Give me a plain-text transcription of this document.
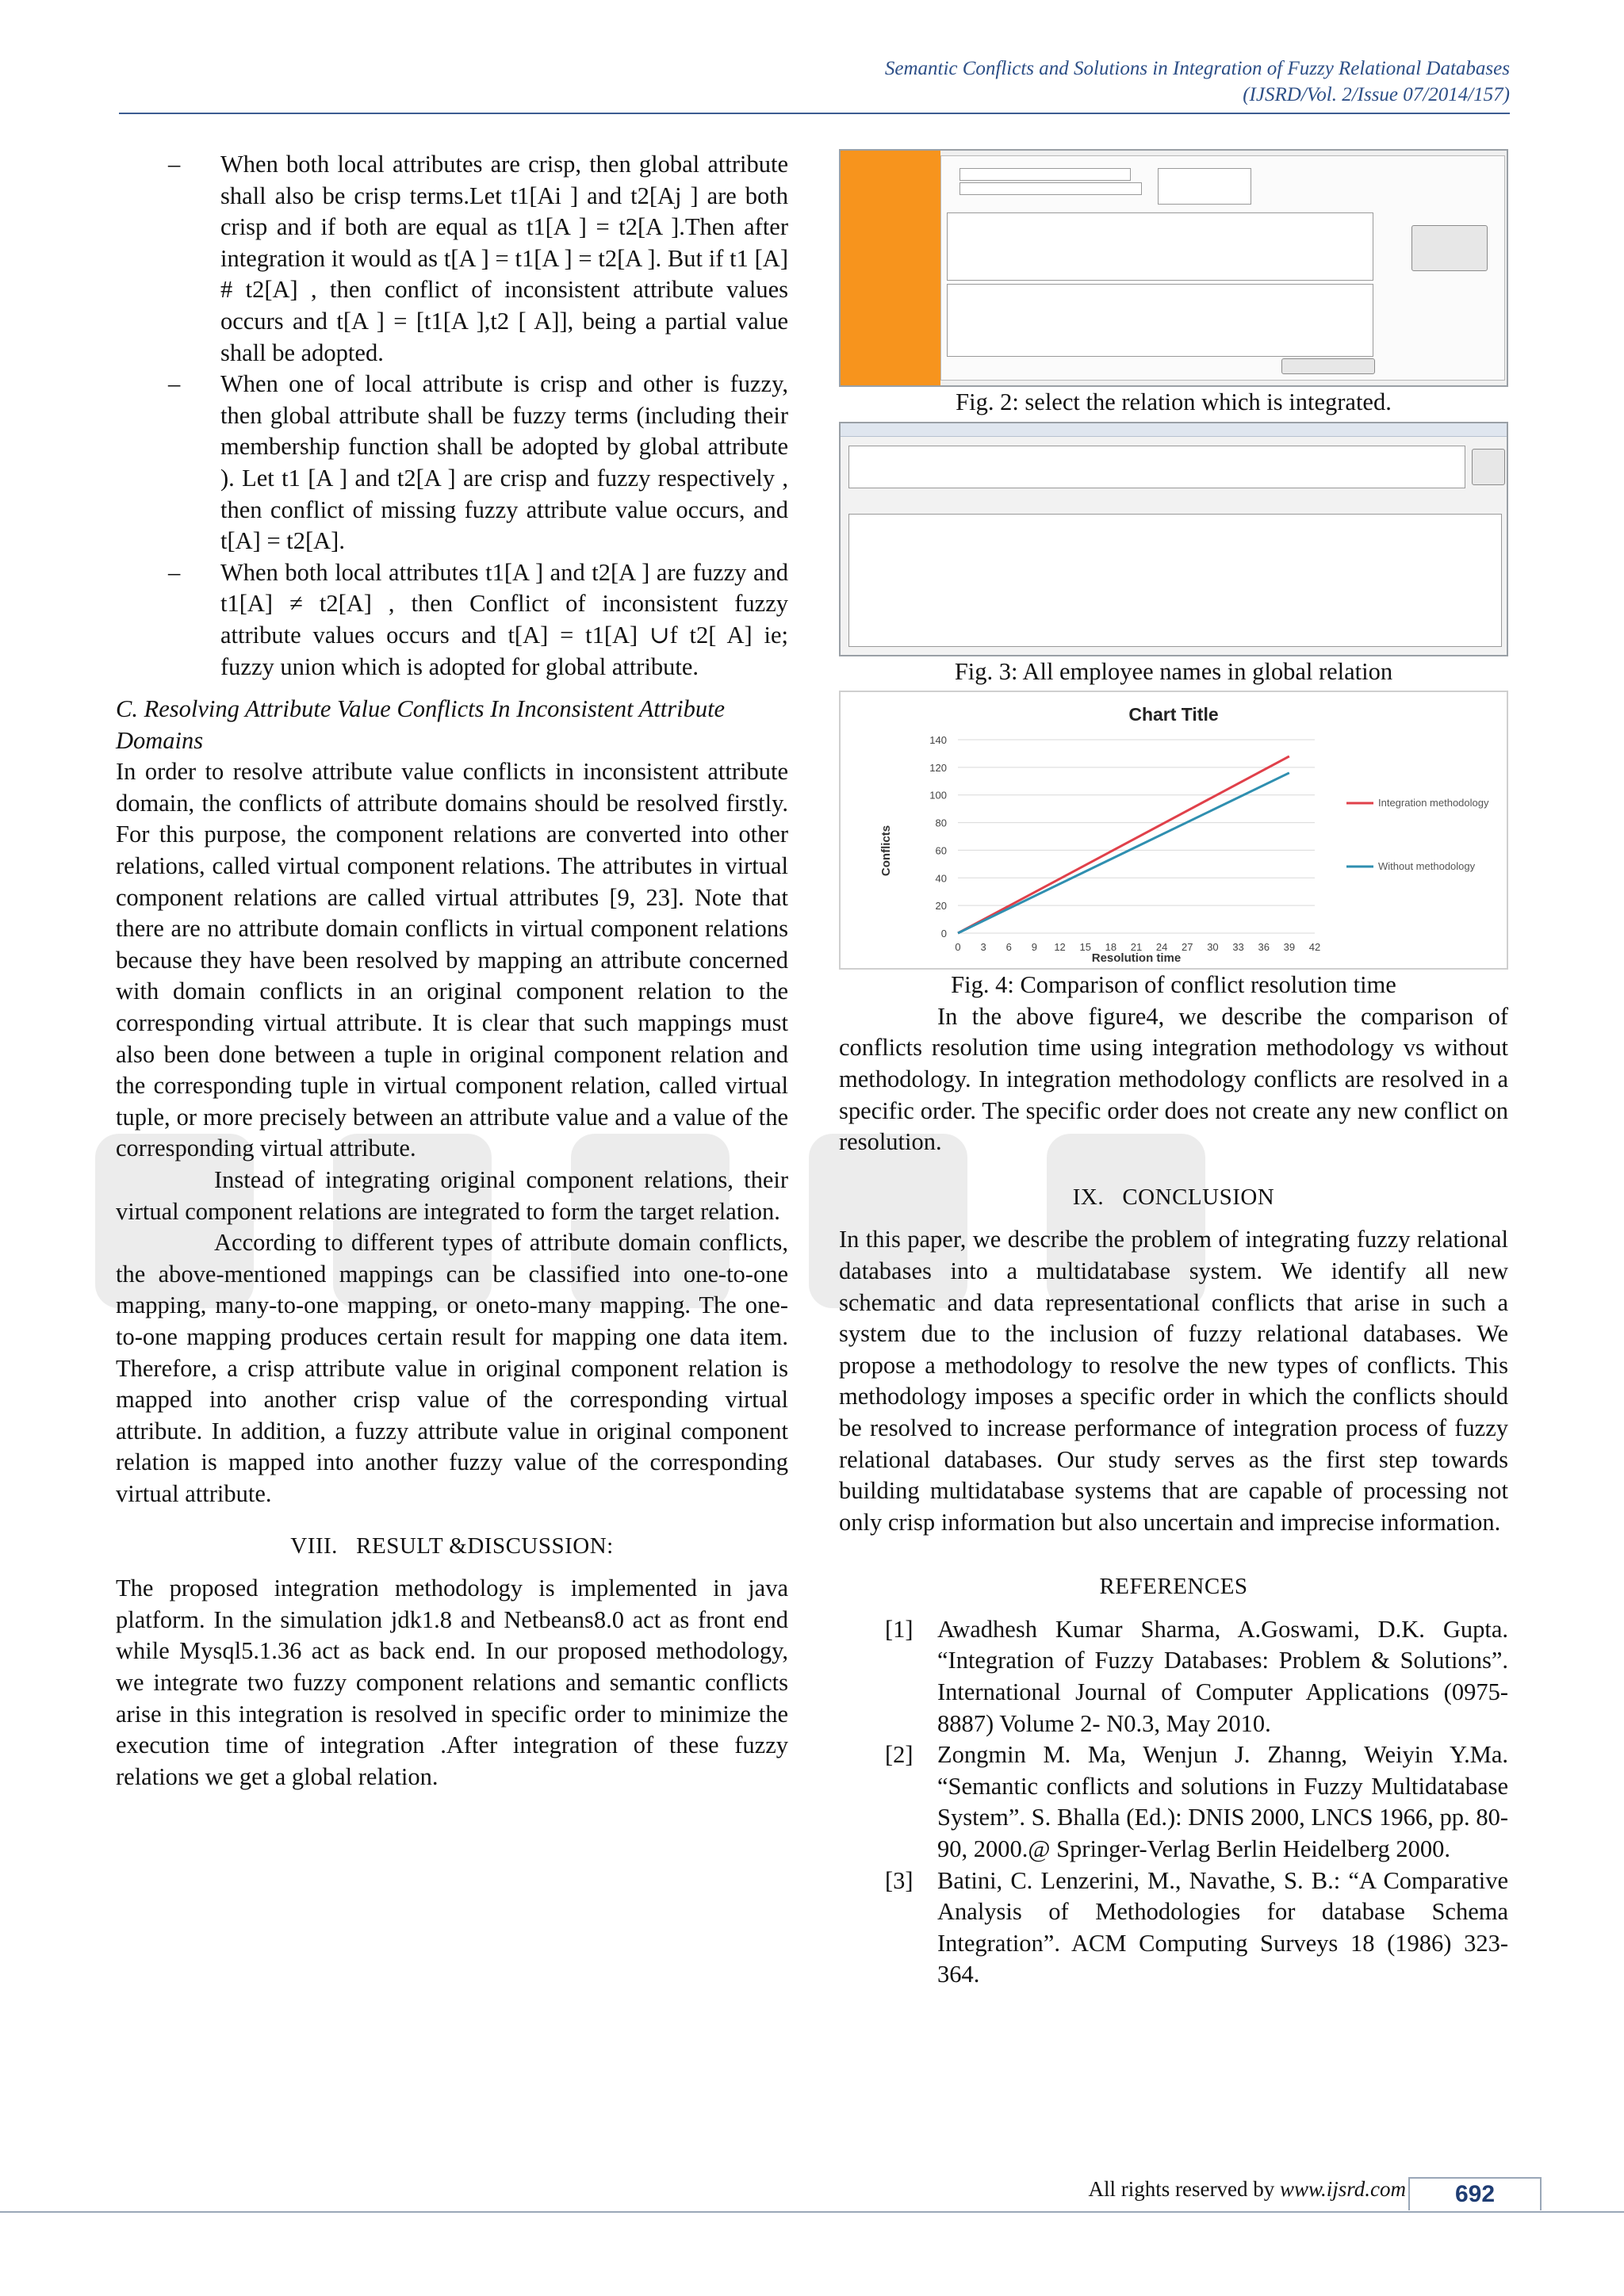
Semantic Conflicts and Solutions in Integration of Fuzzy Relational Databases
(IJSRD/Vol. 2/Issue 07/2014/157)
– When both local attributes are crisp, then global attribute shall also be crisp terms.Let t1[Ai ] and t2[Aj ] are both crisp and if both are equal as t1[A ] = t2[A ].Then after integration it would as t[A ] = t1[A ] = t2[A ]. But if t1 [A] # t2[A] , then conflict of inconsistent attribute values occurs and t[A ] = [t1[A ],t2 [ A]], being a partial value shall be adopted.
– When one of local attribute is crisp and other is fuzzy, then global attribute shall be fuzzy terms (including their membership function shall be adopted by global attribute ). Let t1 [A ] and t2[A ] are crisp and fuzzy respectively , then conflict of missing fuzzy attribute value occurs, and t[A] = t2[A].
– When both local attributes t1[A ] and t2[A ] are fuzzy and t1[A] ≠ t2[A] , then Conflict of inconsistent fuzzy attribute values occurs and t[A] = t1[A] ∪f t2[ A] ie; fuzzy union which is adopted for global attribute.

C. Resolving Attribute Value Conflicts In Inconsistent Attribute Domains

In order to resolve attribute value conflicts in inconsistent attribute domain, the conflicts of attribute domains should be resolved firstly. For this purpose, the component relations are converted into other relations, called virtual component relations. The attributes in virtual component relations are called virtual attributes [9, 23]. Note that there are no attribute domain conflicts in virtual component relations because they have been resolved by mapping an attribute concerned with domain conflicts in an original component relation to the corresponding virtual attribute. It is clear that such mappings must also been done between a tuple in original component relation and the corresponding tuple in virtual component relation, called virtual tuple, or more precisely between an attribute value and a value of the corresponding virtual attribute.

Instead of integrating original component relations, their virtual component relations are integrated to form the target relation.

According to different types of attribute domain conflicts, the above-mentioned mappings can be classified into one-to-one mapping, many-to-one mapping, or oneto-many mapping. The one-to-one mapping produces certain result for mapping one data item. Therefore, a crisp attribute value in original component relation is mapped into another crisp value of the corresponding virtual attribute. In addition, a fuzzy attribute value in original component relation is mapped into another fuzzy value of the corresponding virtual attribute.

VIII. RESULT &DISCUSSION:

The proposed integration methodology is implemented in java platform. In the simulation jdk1.8 and Netbeans8.0 act as front end while Mysql5.1.36 act as back end. In our proposed methodology, we integrate two fuzzy component relations and semantic conflicts arise in this integration is resolved in specific order to minimize the execution time of integration .After integration of these fuzzy relations we get a global relation.

Fig. 2: select the relation which is integrated.

Fig. 3: All employee names in global relation

Chart Title
0
20
40
60
80
100
120
140
0 3 6 9 12 15 18 21 24 27 30 33 36 39 42
Integration methodology
Without methodology
Conflicts
Resolution time

Fig. 4: Comparison of conflict resolution time

In the above figure4, we describe the comparison of conflicts resolution time using integration methodology vs without methodology. In integration methodology conflicts are resolved in a specific order. The specific order does not create any new conflict on resolution.

IX. CONCLUSION

In this paper, we describe the problem of integrating fuzzy relational databases into a multidatabase system. We identify all new schematic and data representational conflicts that arise in such a system due to the inclusion of fuzzy relational databases. We propose a methodology to resolve the new types of conflicts. This methodology imposes a specific order in which the conflicts should be resolved to increase performance of integration process of fuzzy relational databases. Our study serves as the first step towards building multidatabase systems that are capable of processing not only crisp information but also uncertain and imprecise information.

REFERENCES
[1] Awadhesh Kumar Sharma, A.Goswami, D.K. Gupta. “Integration of Fuzzy Databases: Problem & Solutions”. International Journal of Computer Applications (0975- 8887) Volume 2- N0.3, May 2010.
[2] Zongmin M. Ma, Wenjun J. Zhanng, Weiyin Y.Ma. “Semantic conflicts and solutions in Fuzzy Multidatabase System”. S. Bhalla (Ed.): DNIS 2000, LNCS 1966, pp. 80-90, 2000.@ Springer-Verlag Berlin Heidelberg 2000.
[3] Batini, C. Lenzerini, M., Navathe, S. B.: “A Comparative Analysis of Methodologies for database Schema Integration”. ACM Computing Surveys 18 (1986) 323-364.
All rights reserved by www.ijsrd.com	692
